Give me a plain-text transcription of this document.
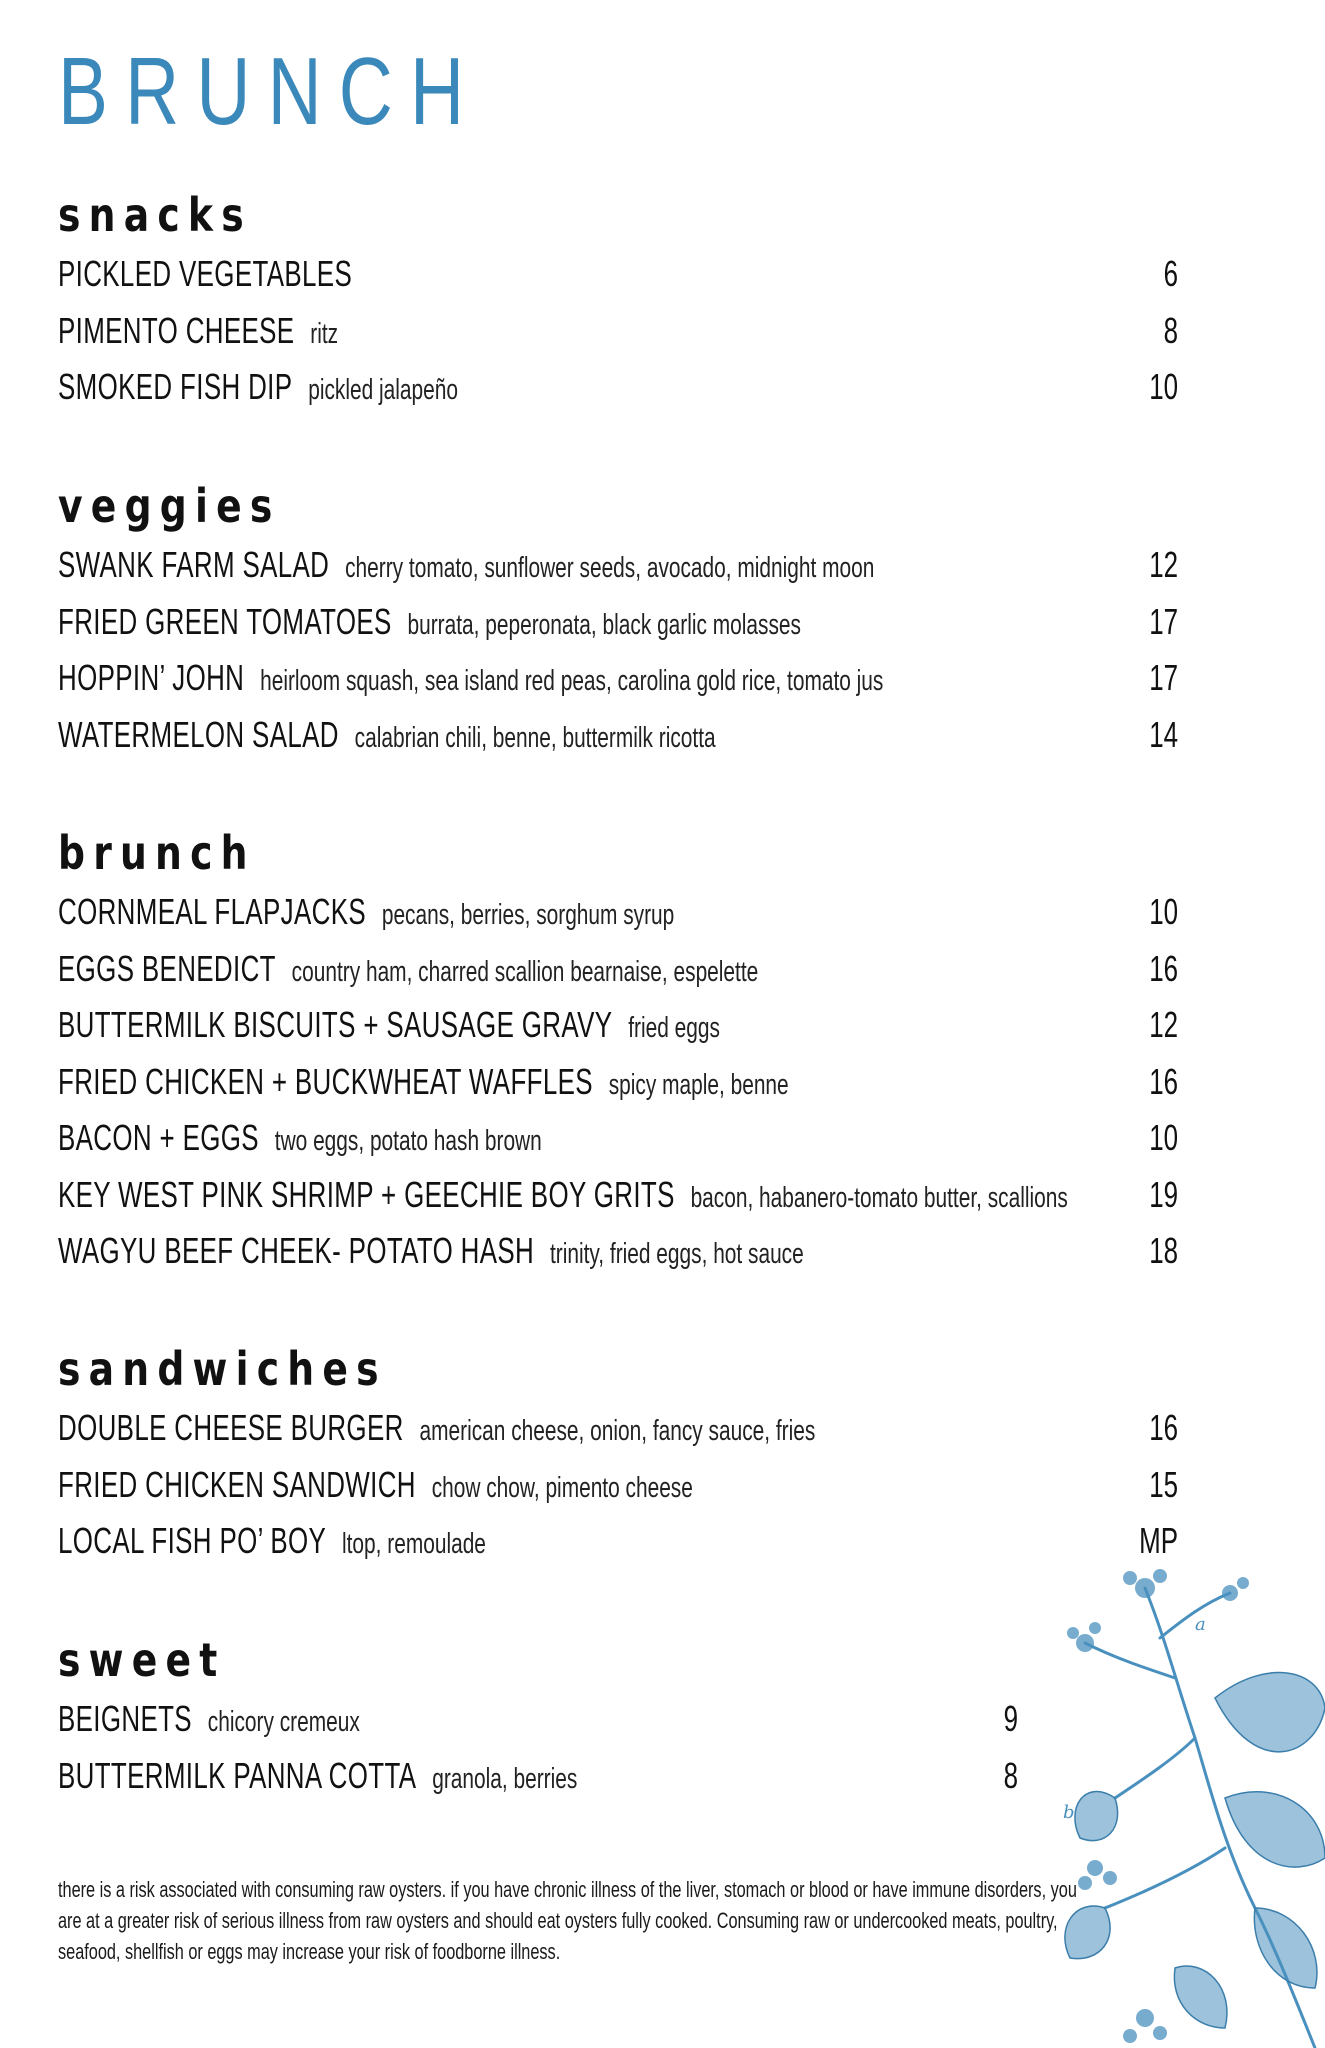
BRUNCH
snacks
PICKLED VEGETABLES	6
PIMENTO CHEESE ritz	8
SMOKED FISH DIP pickled jalapeño	10
veggies
SWANK FARM SALAD cherry tomato, sunflower seeds, avocado, midnight moon	12
FRIED GREEN TOMATOES burrata, peperonata, black garlic molasses	17
HOPPIN’ JOHN heirloom squash, sea island red peas, carolina gold rice, tomato jus	17
WATERMELON SALAD calabrian chili, benne, buttermilk ricotta	14
brunch
CORNMEAL FLAPJACKS pecans, berries, sorghum syrup	10
EGGS BENEDICT country ham, charred scallion bearnaise, espelette	16
BUTTERMILK BISCUITS + SAUSAGE GRAVY fried eggs	12
FRIED CHICKEN + BUCKWHEAT WAFFLES spicy maple, benne	16
BACON + EGGS two eggs, potato hash brown	10
KEY WEST PINK SHRIMP + GEECHIE BOY GRITS bacon, habanero-tomato butter, scallions 19
WAGYU BEEF CHEEK- POTATO HASH trinity, fried eggs, hot sauce	18
sandwiches
DOUBLE CHEESE BURGER american cheese, onion, fancy sauce, fries	16
FRIED CHICKEN SANDWICH chow chow, pimento cheese	15
LOCAL FISH PO’ BOY ltop, remoulade	MP
sweet
BEIGNETS chicory cremeux	9
BUTTERMILK PANNA COTTA granola, berries	8
there is a risk associated with consuming raw oysters. if you have chronic illness of the liver, stomach or blood or have immune disorders, you are at a greater risk of serious illness from raw oysters and should eat oysters fully cooked. Consuming raw or undercooked meats, poultry, seafood, shellfish or eggs may increase your risk of foodborne illness.
a
b
